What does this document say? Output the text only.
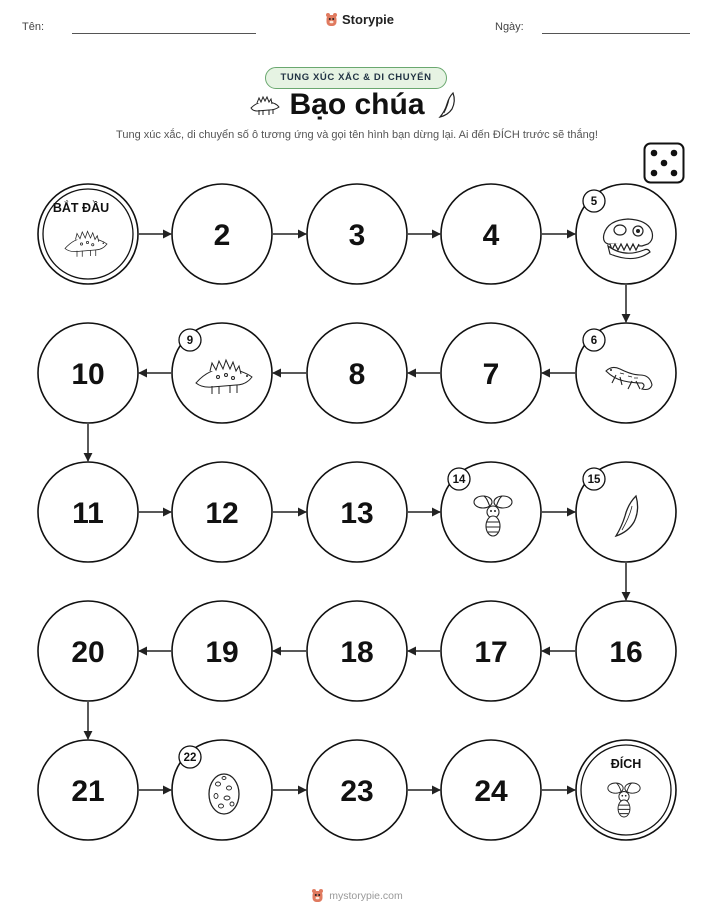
Tên:	Storypie	Ngày:
TUNG XÚC XẮC & DI CHUYỂN
Bạo chúa
Tung xúc xắc, di chuyển số ô tương ứng và gọi tên hình bạn dừng lại. Ai đến ĐÍCH trước sẽ thắng!
BẮT ĐẦU
2	3	4
5
6
7
8
9
10
11	12	13
14	15
16
17
18
19
20
21
22
23	24
ĐÍCH
mystorypie.com
